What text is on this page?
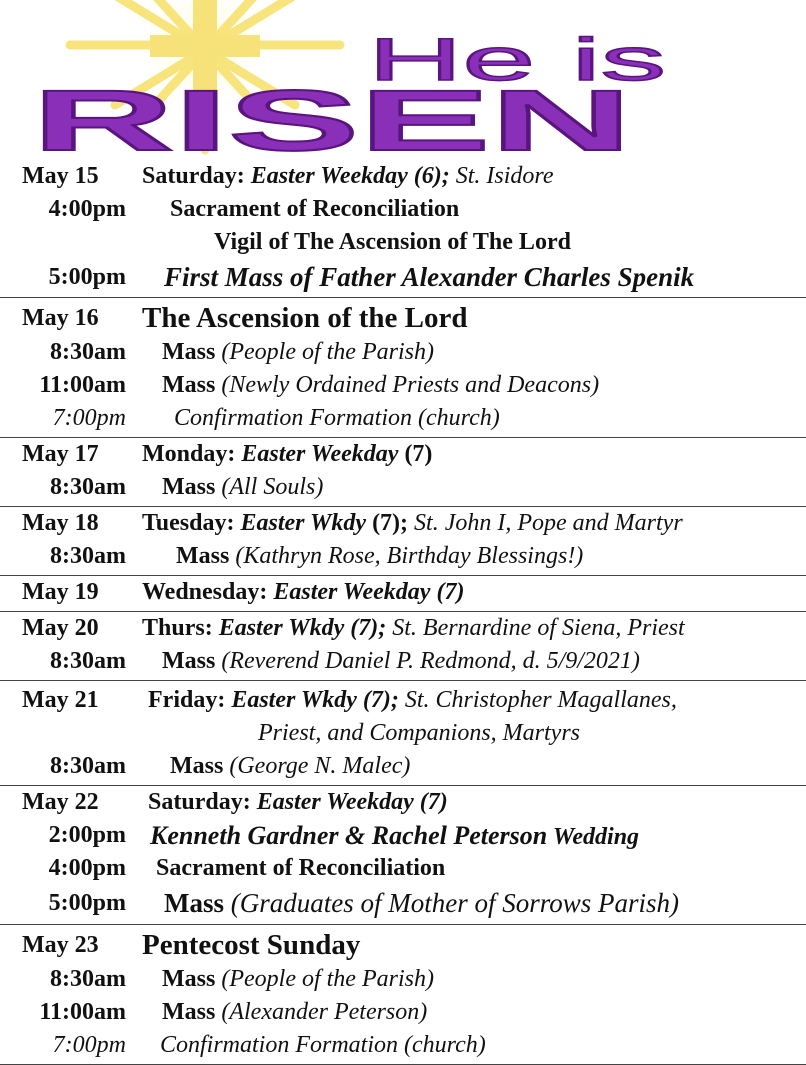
He is
RISEN
May 15 Saturday: Easter Weekday (6); St. Isidore
4:00pm Sacrament of Reconciliation
Vigil of The Ascension of The Lord
5:00pm First Mass of Father Alexander Charles Spenik
May 16 The Ascension of the Lord
8:30am Mass (People of the Parish)
11:00am Mass (Newly Ordained Priests and Deacons)
7:00pm Confirmation Formation (church)
May 17 Monday: Easter Weekday (7)
8:30am Mass (All Souls)
May 18 Tuesday: Easter Wkdy (7); St. John I, Pope and Martyr
8:30am Mass (Kathryn Rose, Birthday Blessings!)
May 19 Wednesday: Easter Weekday (7)
May 20 Thurs: Easter Wkdy (7); St. Bernardine of Siena, Priest
8:30am Mass (Reverend Daniel P. Redmond, d. 5/9/2021)
May 21 Friday: Easter Wkdy (7); St. Christopher Magallanes,
Priest, and Companions, Martyrs
8:30am Mass (George N. Malec)
May 22 Saturday: Easter Weekday (7)
2:00pm Kenneth Gardner & Rachel Peterson Wedding
4:00pm Sacrament of Reconciliation
5:00pm Mass (Graduates of Mother of Sorrows Parish)
May 23 Pentecost Sunday
8:30am Mass (People of the Parish)
11:00am Mass (Alexander Peterson)
7:00pm Confirmation Formation (church)
